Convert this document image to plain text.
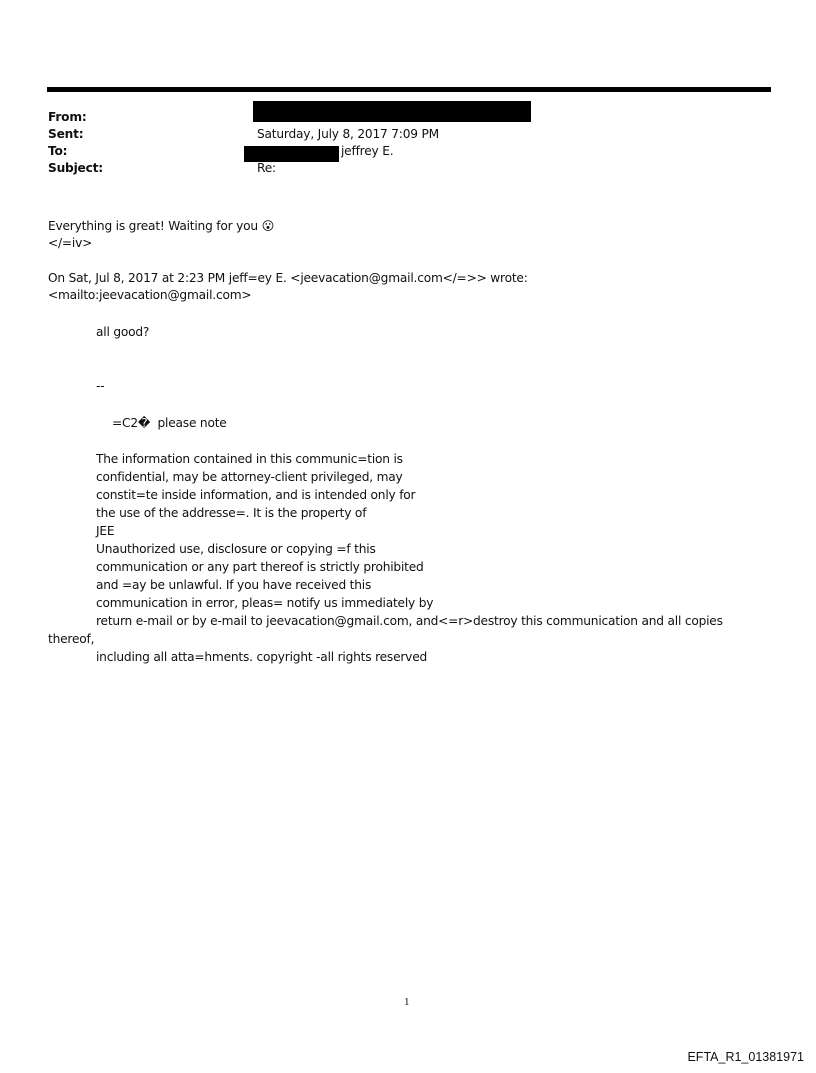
From:
Sent:	Saturday, July 8, 2017 7:09 PM
To:	jeffrey E.
Subject:	Re:
Everything is great! Waiting for you 😮
</=iv>
On Sat, Jul 8, 2017 at 2:23 PM jeff=ey E. <jeevacation@gmail.com</=>> wrote:
<mailto:jeevacation@gmail.com>
all good?
--
=C2�  please note
The information contained in this communic=tion is
confidential, may be attorney-client privileged, may
constit=te inside information, and is intended only for
the use of the addresse=. It is the property of
JEE
Unauthorized use, disclosure or copying =f this
communication or any part thereof is strictly prohibited
and =ay be unlawful. If you have received this
communication in error, pleas= notify us immediately by
return e-mail or by e-mail to jeevacation@gmail.com, and<=r>destroy this communication and all copies
thereof,
including all atta=hments. copyright -all rights reserved
1
EFTA_R1_01381971
